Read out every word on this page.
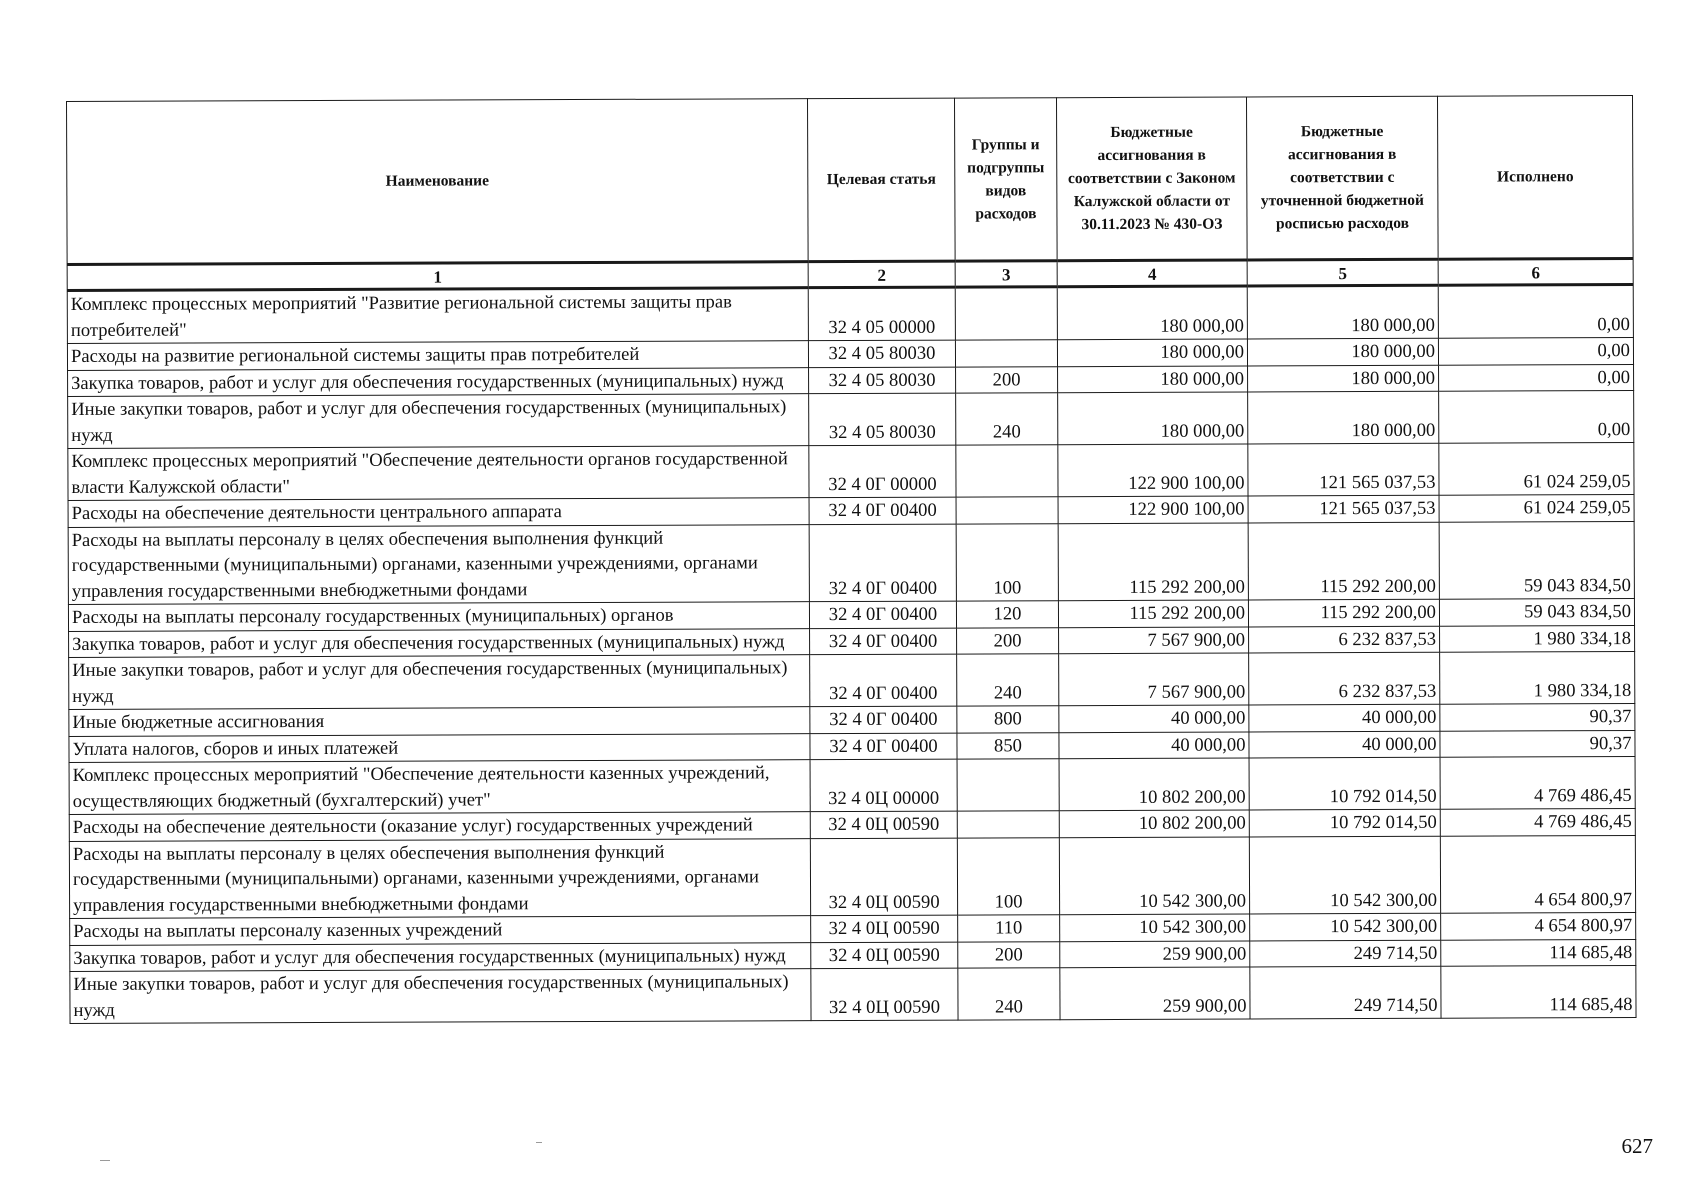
Наименование	Целевая статья	Группы и подгруппы видов расходов	Бюджетные ассигнования в соответствии с Законом Калужской области от 30.11.2023 № 430-ОЗ	Бюджетные ассигнования в соответствии с уточненной бюджетной росписью расходов	Исполнено
1	2	3	4	5	6
Комплекс процессных мероприятий "Развитие региональной системы защиты прав потребителей"	32 4 05 00000		180 000,00	180 000,00	0,00
Расходы на развитие региональной системы защиты прав потребителей	32 4 05 80030		180 000,00	180 000,00	0,00
Закупка товаров, работ и услуг для обеспечения государственных (муниципальных) нужд	32 4 05 80030	200	180 000,00	180 000,00	0,00
Иные закупки товаров, работ и услуг для обеспечения государственных (муниципальных) нужд	32 4 05 80030	240	180 000,00	180 000,00	0,00
Комплекс процессных мероприятий "Обеспечение деятельности органов государственной власти Калужской области"	32 4 0Г 00000		122 900 100,00	121 565 037,53	61 024 259,05
Расходы на обеспечение деятельности центрального аппарата	32 4 0Г 00400		122 900 100,00	121 565 037,53	61 024 259,05
Расходы на выплаты персоналу в целях обеспечения выполнения функций государственными (муниципальными) органами, казенными учреждениями, органами управления государственными внебюджетными фондами	32 4 0Г 00400	100	115 292 200,00	115 292 200,00	59 043 834,50
Расходы на выплаты персоналу государственных (муниципальных) органов	32 4 0Г 00400	120	115 292 200,00	115 292 200,00	59 043 834,50
Закупка товаров, работ и услуг для обеспечения государственных (муниципальных) нужд	32 4 0Г 00400	200	7 567 900,00	6 232 837,53	1 980 334,18
Иные закупки товаров, работ и услуг для обеспечения государственных (муниципальных) нужд	32 4 0Г 00400	240	7 567 900,00	6 232 837,53	1 980 334,18
Иные бюджетные ассигнования	32 4 0Г 00400	800	40 000,00	40 000,00	90,37
Уплата налогов, сборов и иных платежей	32 4 0Г 00400	850	40 000,00	40 000,00	90,37
Комплекс процессных мероприятий "Обеспечение деятельности казенных учреждений, осуществляющих бюджетный (бухгалтерский) учет"	32 4 0Ц 00000		10 802 200,00	10 792 014,50	4 769 486,45
Расходы на обеспечение деятельности (оказание услуг) государственных учреждений	32 4 0Ц 00590		10 802 200,00	10 792 014,50	4 769 486,45
Расходы на выплаты персоналу в целях обеспечения выполнения функций государственными (муниципальными) органами, казенными учреждениями, органами управления государственными внебюджетными фондами	32 4 0Ц 00590	100	10 542 300,00	10 542 300,00	4 654 800,97
Расходы на выплаты персоналу казенных учреждений	32 4 0Ц 00590	110	10 542 300,00	10 542 300,00	4 654 800,97
Закупка товаров, работ и услуг для обеспечения государственных (муниципальных) нужд	32 4 0Ц 00590	200	259 900,00	249 714,50	114 685,48
Иные закупки товаров, работ и услуг для обеспечения государственных (муниципальных) нужд	32 4 0Ц 00590	240	259 900,00	249 714,50	114 685,48
627
